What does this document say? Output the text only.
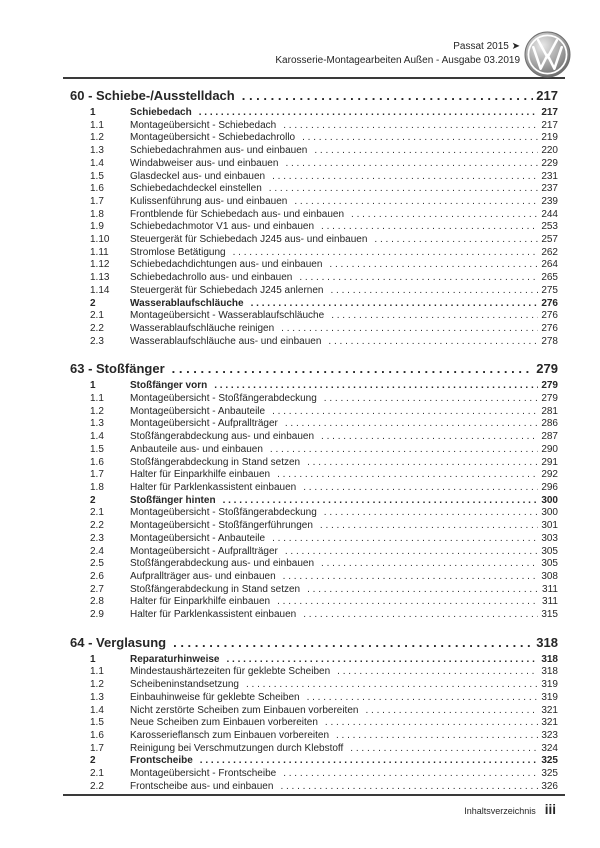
Passat 2015 ➤
Karosserie-Montagearbeiten Außen - Ausgabe 03.2019
60 - Schiebe-/Ausstelldach . . .	217
1	Schiebedach . . .	217
1.1	Montageübersicht - Schiebedach . . .	217
1.2	Montageübersicht - Schiebedachrollo . . .	219
1.3	Schiebedachrahmen aus- und einbauen . . .	220
1.4	Windabweiser aus- und einbauen . . .	229
1.5	Glasdeckel aus- und einbauen . . .	231
1.6	Schiebedachdeckel einstellen . . .	237
1.7	Kulissenführung aus- und einbauen . . .	239
1.8	Frontblende für Schiebedach aus- und einbauen . . .	244
1.9	Schiebedachmotor V1 aus- und einbauen . . .	253
1.10	Steuergerät für Schiebedach J245 aus- und einbauen . . .	257
1.11	Stromlose Betätigung . . .	262
1.12	Schiebedachdichtungen aus- und einbauen . . .	264
1.13	Schiebedachrollo aus- und einbauen . . .	265
1.14	Steuergerät für Schiebedach J245 anlernen . . .	275
2	Wasserablaufschläuche . . .	276
2.1	Montageübersicht - Wasserablaufschläuche . . .	276
2.2	Wasserablaufschläuche reinigen . . .	276
2.3	Wasserablaufschläuche aus- und einbauen . . .	278
63 - Stoßfänger . . .	279
1	Stoßfänger vorn . . .	279
1.1	Montageübersicht - Stoßfängerabdeckung . . .	279
1.2	Montageübersicht - Anbauteile . . .	281
1.3	Montageübersicht - Aufprallträger . . .	286
1.4	Stoßfängerabdeckung aus- und einbauen . . .	287
1.5	Anbauteile aus- und einbauen . . .	290
1.6	Stoßfängerabdeckung in Stand setzen . . .	291
1.7	Halter für Einparkhilfe einbauen . . .	292
1.8	Halter für Parklenkassistent einbauen . . .	296
2	Stoßfänger hinten . . .	300
2.1	Montageübersicht - Stoßfängerabdeckung . . .	300
2.2	Montageübersicht - Stoßfängerführungen . . .	301
2.3	Montageübersicht - Anbauteile . . .	303
2.4	Montageübersicht - Aufprallträger . . .	305
2.5	Stoßfängerabdeckung aus- und einbauen . . .	305
2.6	Aufprallträger aus- und einbauen . . .	308
2.7	Stoßfängerabdeckung in Stand setzen . . .	311
2.8	Halter für Einparkhilfe einbauen . . .	311
2.9	Halter für Parklenkassistent einbauen . . .	315
64 - Verglasung . . .	318
1	Reparaturhinweise . . .	318
1.1	Mindestaushärtezeiten für geklebte Scheiben . . .	318
1.2	Scheibeninstandsetzung . . .	319
1.3	Einbauhinweise für geklebte Scheiben . . .	319
1.4	Nicht zerstörte Scheiben zum Einbauen vorbereiten . . .	321
1.5	Neue Scheiben zum Einbauen vorbereiten . . .	321
1.6	Karosserieflansch zum Einbauen vorbereiten . . .	323
1.7	Reinigung bei Verschmutzungen durch Klebstoff . . .	324
2	Frontscheibe . . .	325
2.1	Montageübersicht - Frontscheibe . . .	325
2.2	Frontscheibe aus- und einbauen . . .	326
Inhaltsverzeichnis iii
